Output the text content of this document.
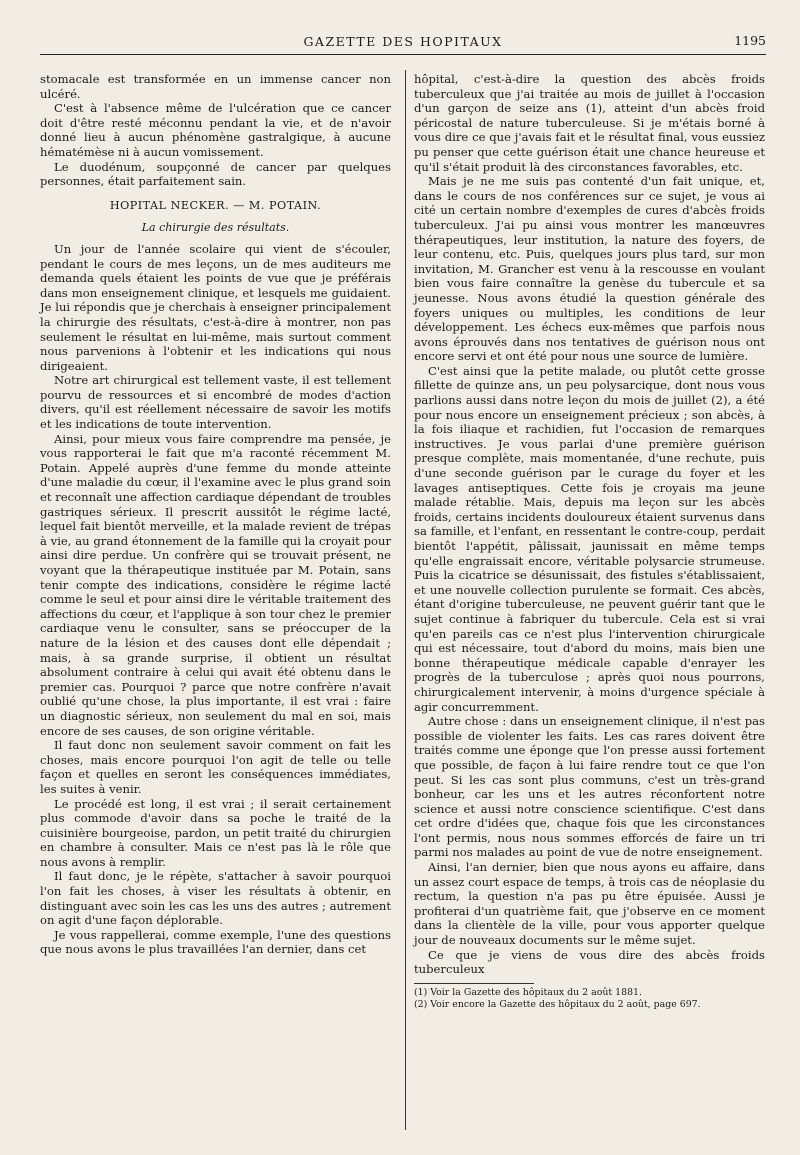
GAZETTE DES HOPITAUX	1195

stomacale est transformée en un immense cancer non ulcéré.

C'est à l'absence même de l'ulcération que ce cancer doit d'être resté méconnu pendant la vie, et de n'avoir donné lieu à aucun phénomène gastralgique, à aucune hématémèse ni à aucun vomissement.

Le duodénum, soupçonné de cancer par quelques personnes, était parfaitement sain.

HOPITAL NECKER. — M. POTAIN.
La chirurgie des résultats.

Un jour de l'année scolaire qui vient de s'écouler, pendant le cours de mes leçons, un de mes auditeurs me demanda quels étaient les points de vue que je préférais dans mon enseignement clinique, et lesquels me guidaient. Je lui répondis que je cherchais à enseigner principalement la chirurgie des résultats, c'est-à-dire à montrer, non pas seulement le résultat en lui-même, mais surtout comment nous parvenions à l'obtenir et les indications qui nous dirigeaient.

Notre art chirurgical est tellement vaste, il est tellement pourvu de ressources et si encombré de modes d'action divers, qu'il est réellement nécessaire de savoir les motifs et les indications de toute intervention.

Ainsi, pour mieux vous faire comprendre ma pensée, je vous rapporterai le fait que m'a raconté récemment M. Potain. Appelé auprès d'une femme du monde atteinte d'une maladie du cœur, il l'examine avec le plus grand soin et reconnaît une affection cardiaque dépendant de troubles gastriques sérieux. Il prescrit aussitôt le régime lacté, lequel fait bientôt merveille, et la malade revient de trépas à vie, au grand étonnement de la famille qui la croyait pour ainsi dire perdue. Un confrère qui se trouvait présent, ne voyant que la thérapeutique instituée par M. Potain, sans tenir compte des indications, considère le régime lacté comme le seul et pour ainsi dire le véritable traitement des affections du cœur, et l'applique à son tour chez le premier cardiaque venu le consulter, sans se préoccuper de la nature de la lésion et des causes dont elle dépendait ; mais, à sa grande surprise, il obtient un résultat absolument contraire à celui qui avait été obtenu dans le premier cas. Pourquoi ? parce que notre confrère n'avait oublié qu'une chose, la plus importante, il est vrai : faire un diagnostic sérieux, non seulement du mal en soi, mais encore de ses causes, de son origine véritable.

Il faut donc non seulement savoir comment on fait les choses, mais encore pourquoi l'on agit de telle ou telle façon et quelles en seront les conséquences immédiates, les suites à venir.

Le procédé est long, il est vrai ; il serait certainement plus commode d'avoir dans sa poche le traité de la cuisinière bourgeoise, pardon, un petit traité du chirurgien en chambre à consulter. Mais ce n'est pas là le rôle que nous avons à remplir.

Il faut donc, je le répète, s'attacher à savoir pourquoi l'on fait les choses, à viser les résultats à obtenir, en distinguant avec soin les cas les uns des autres ; autrement on agit d'une façon déplorable.

Je vous rappellerai, comme exemple, l'une des questions que nous avons le plus travaillées l'an dernier, dans cet

hôpital, c'est-à-dire la question des abcès froids tuberculeux que j'ai traitée au mois de juillet à l'occasion d'un garçon de seize ans (1), atteint d'un abcès froid péricostal de nature tuberculeuse. Si je m'étais borné à vous dire ce que j'avais fait et le résultat final, vous eussiez pu penser que cette guérison était une chance heureuse et qu'il s'était produit là des circonstances favorables, etc.

Mais je ne me suis pas contenté d'un fait unique, et, dans le cours de nos conférences sur ce sujet, je vous ai cité un certain nombre d'exemples de cures d'abcès froids tuberculeux. J'ai pu ainsi vous montrer les manœuvres thérapeutiques, leur institution, la nature des foyers, de leur contenu, etc. Puis, quelques jours plus tard, sur mon invitation, M. Grancher est venu à la rescousse en voulant bien vous faire connaître la genèse du tubercule et sa jeunesse. Nous avons étudié la question générale des foyers uniques ou multiples, les conditions de leur développement. Les échecs eux-mêmes que parfois nous avons éprouvés dans nos tentatives de guérison nous ont encore servi et ont été pour nous une source de lumière.

C'est ainsi que la petite malade, ou plutôt cette grosse fillette de quinze ans, un peu polysarcique, dont nous vous parlions aussi dans notre leçon du mois de juillet (2), a été pour nous encore un enseignement précieux ; son abcès, à la fois iliaque et rachidien, fut l'occasion de remarques instructives. Je vous parlai d'une première guérison presque complète, mais momentanée, d'une rechute, puis d'une seconde guérison par le curage du foyer et les lavages antiseptiques. Cette fois je croyais ma jeune malade rétablie. Mais, depuis ma leçon sur les abcès froids, certains incidents douloureux étaient survenus dans sa famille, et l'enfant, en ressentant le contre-coup, perdait bientôt l'appétit, pâlissait, jaunissait en même temps qu'elle engraissait encore, véritable polysarcie strumeuse. Puis la cicatrice se désunissait, des fistules s'établissaient, et une nouvelle collection purulente se formait. Ces abcès, étant d'origine tuberculeuse, ne peuvent guérir tant que le sujet continue à fabriquer du tubercule. Cela est si vrai qu'en pareils cas ce n'est plus l'intervention chirurgicale qui est nécessaire, tout d'abord du moins, mais bien une bonne thérapeutique médicale capable d'enrayer les progrès de la tuberculose ; après quoi nous pourrons, chirurgicalement intervenir, à moins d'urgence spéciale à agir concurremment.

Autre chose : dans un enseignement clinique, il n'est pas possible de violenter les faits. Les cas rares doivent être traités comme une éponge que l'on presse aussi fortement que possible, de façon à lui faire rendre tout ce que l'on peut. Si les cas sont plus communs, c'est un très-grand bonheur, car les uns et les autres réconfortent notre science et aussi notre conscience scientifique. C'est dans cet ordre d'idées que, chaque fois que les circonstances l'ont permis, nous nous sommes efforcés de faire un tri parmi nos malades au point de vue de notre enseignement.

Ainsi, l'an dernier, bien que nous ayons eu affaire, dans un assez court espace de temps, à trois cas de néoplasie du rectum, la question n'a pas pu être épuisée. Aussi je profiterai d'un quatrième fait, que j'observe en ce moment dans la clientèle de la ville, pour vous apporter quelque jour de nouveaux documents sur le même sujet.

Ce que je viens de vous dire des abcès froids tuberculeux

(1) Voir la Gazette des hôpitaux du 2 août 1881.

(2) Voir encore la Gazette des hôpitaux du 2 août, page 697.
